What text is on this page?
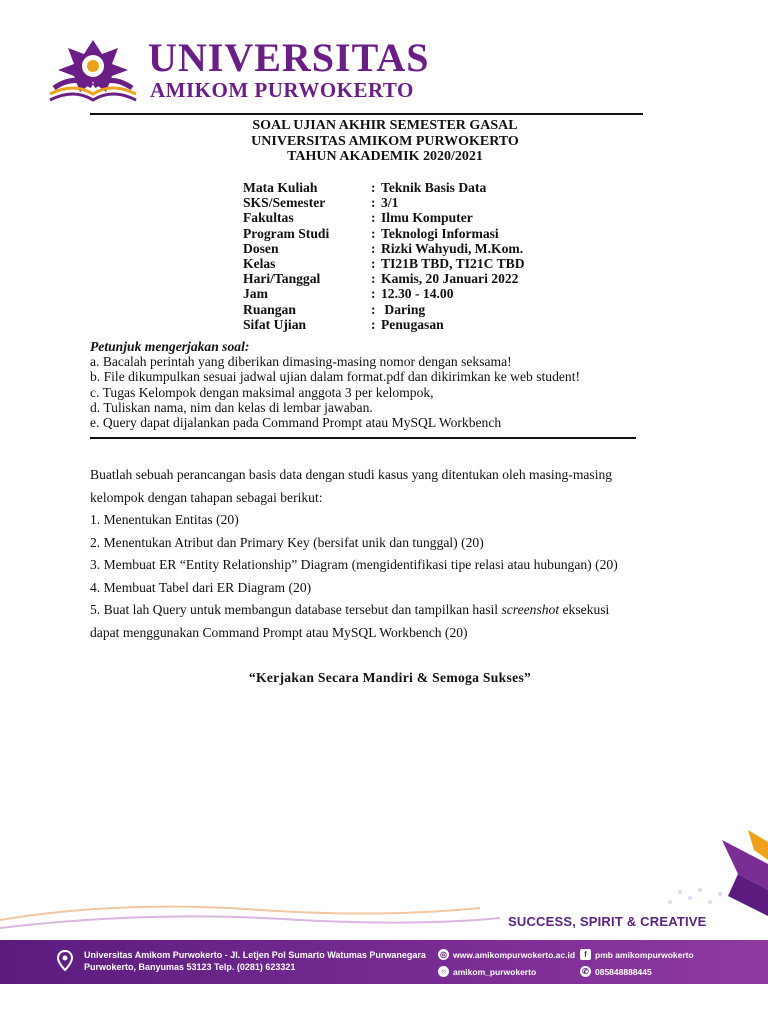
UNIVERSITAS
AMIKOM PURWOKERTO
SOAL UJIAN AKHIR SEMESTER GASAL
UNIVERSITAS AMIKOM PURWOKERTO
TAHUN AKADEMIK 2020/2021
Mata Kuliah	: Teknik Basis Data
SKS/Semester	: 3/1
Fakultas	: Ilmu Komputer
Program Studi	: Teknologi Informasi
Dosen	: Rizki Wahyudi, M.Kom.
Kelas	: TI21B TBD, TI21C TBD
Hari/Tanggal	: Kamis, 20 Januari 2022
Jam	: 12.30 - 14.00
Ruangan	: Daring
Sifat Ujian	: Penugasan
Petunjuk mengerjakan soal:
a. Bacalah perintah yang diberikan dimasing-masing nomor dengan seksama!
b. File dikumpulkan sesuai jadwal ujian dalam format.pdf dan dikirimkan ke web student!
c. Tugas Kelompok dengan maksimal anggota 3 per kelompok,
d. Tuliskan nama, nim dan kelas di lembar jawaban.
e. Query dapat dijalankan pada Command Prompt atau MySQL Workbench

Buatlah sebuah perancangan basis data dengan studi kasus yang ditentukan oleh masing-masing

kelompok dengan tahapan sebagai berikut:

1. Menentukan Entitas (20)
2. Menentukan Atribut dan Primary Key (bersifat unik dan tunggal) (20)
3. Membuat ER “Entity Relationship” Diagram (mengidentifikasi tipe relasi atau hubungan) (20)
4. Membuat Tabel dari ER Diagram (20)
5. Buat lah Query untuk membangun database tersebut dan tampilkan hasil screenshot eksekusi
dapat menggunakan Command Prompt atau MySQL Workbench (20)
“Kerjakan Secara Mandiri & Semoga Sukses”
SUCCESS, SPIRIT & CREATIVE
Universitas Amikom Purwokerto - Jl. Letjen Pol Sumarto Watumas Purwanegara
Purwokerto, Banyumas 53123 Telp. (0281) 623321
◎ www.amikompurwokerto.ac.id	f pmb amikompurwokerto
○ amikom_purwokerto	✆ 085848888445
